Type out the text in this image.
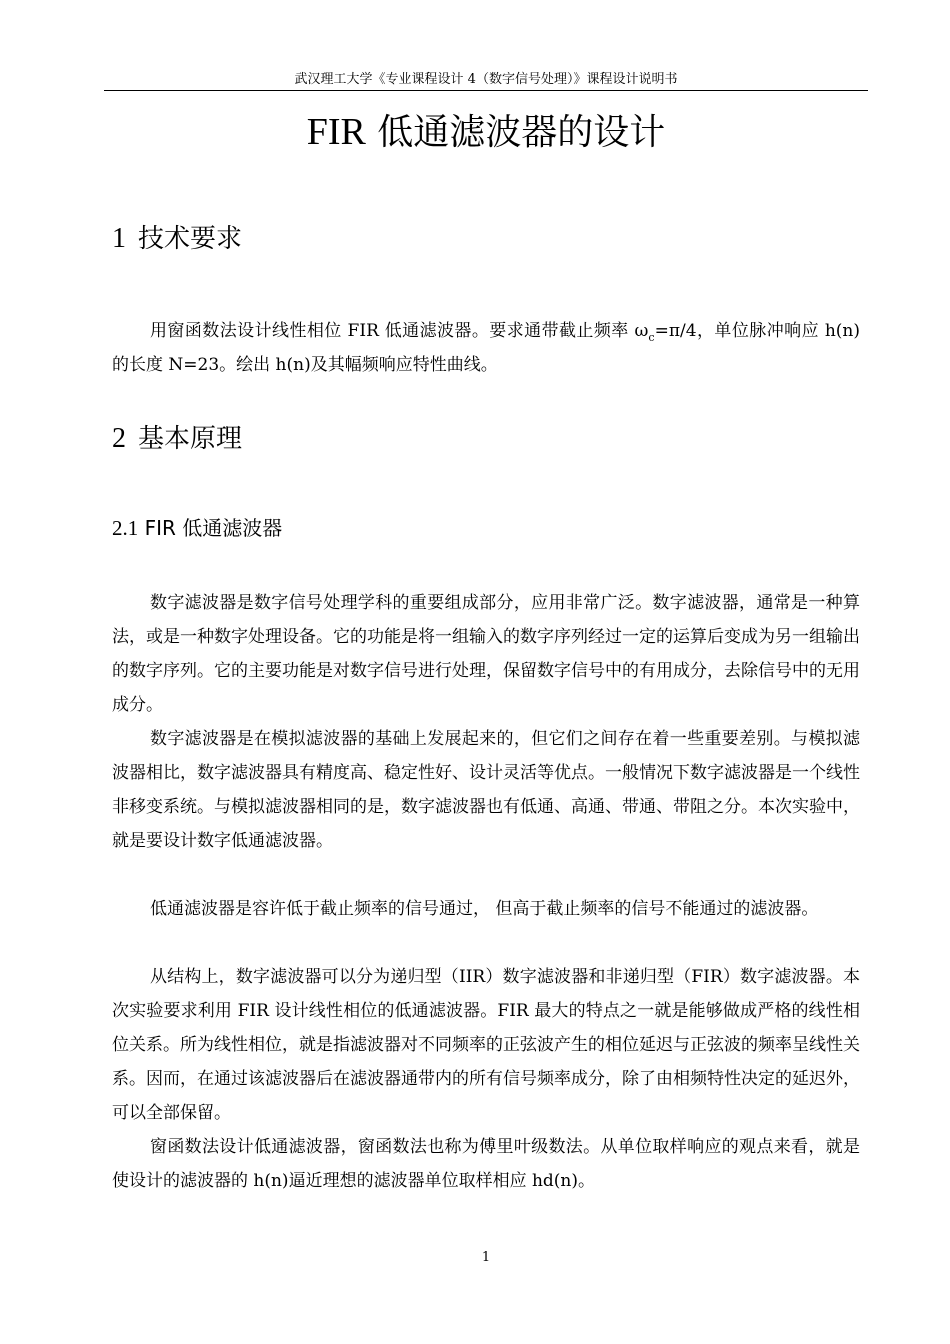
武汉理工大学《专业课程设计 4（数字信号处理）》课程设计说明书
FIR 低通滤波器的设计
1 技术要求

用窗函数法设计线性相位 FIR 低通滤波器。要求通带截止频率 $\omega_c=\pi/4$，单位脉冲响应 h(n)的长度 N=23。绘出 h(n)及其幅频响应特性曲线。

2 基本原理
2.1 FIR 低通滤波器

数字滤波器是数字信号处理学科的重要组成部分，应用非常广泛。数字滤波器，通常是一种算法，或是一种数字处理设备。它的功能是将一组输入的数字序列经过一定的运算后变成为另一组输出的数字序列。它的主要功能是对数字信号进行处理，保留数字信号中的有用成分，去除信号中的无用成分。

数字滤波器是在模拟滤波器的基础上发展起来的，但它们之间存在着一些重要差别。与模拟滤波器相比，数字滤波器具有精度高、稳定性好、设计灵活等优点。一般情况下数字滤波器是一个线性非移变系统。与模拟滤波器相同的是，数字滤波器也有低通、高通、带通、带阻之分。本次实验中，就是要设计数字低通滤波器。

低通滤波器是容许低于截止频率的信号通过， 但高于截止频率的信号不能通过的滤波器。

从结构上，数字滤波器可以分为递归型（IIR）数字滤波器和非递归型（FIR）数字滤波器。本次实验要求利用 FIR 设计线性相位的低通滤波器。FIR 最大的特点之一就是能够做成严格的线性相位关系。所为线性相位，就是指滤波器对不同频率的正弦波产生的相位延迟与正弦波的频率呈线性关系。因而，在通过该滤波器后在滤波器通带内的所有信号频率成分，除了由相频特性决定的延迟外，可以全部保留。

窗函数法设计低通滤波器，窗函数法也称为傅里叶级数法。从单位取样响应的观点来看，就是使设计的滤波器的 h(n)逼近理想的滤波器单位取样相应 hd(n)。

1
